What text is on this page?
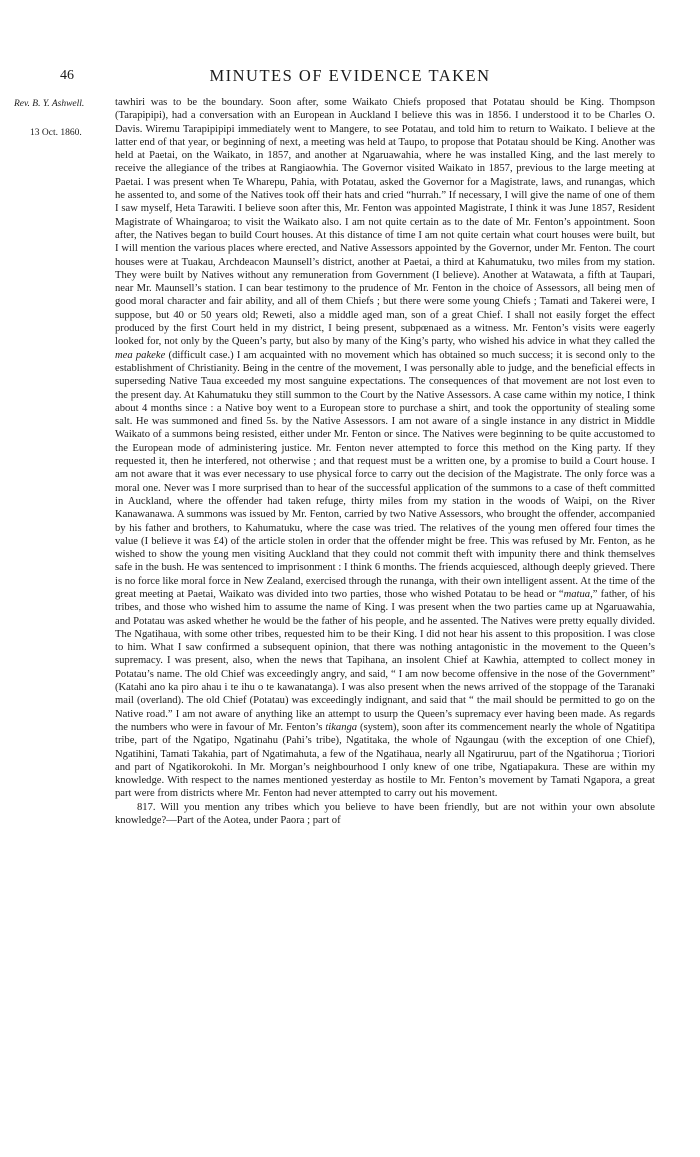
46	MINUTES OF EVIDENCE TAKEN
Rev. B. Y. Ashwell.
13 Oct. 1860.

tawhiri was to be the boundary. Soon after, some Waikato Chiefs proposed that Potatau should be King. Thompson (Tarapipipi), had a conversation with an European in Auckland I believe this was in 1856. I understood it to be Charles O. Davis. Wiremu Tarapipipipi immediately went to Mangere, to see Potatau, and told him to return to Waikato. I believe at the latter end of that year, or beginning of next, a meeting was held at Taupo, to propose that Potatau should be King. Another was held at Paetai, on the Waikato, in 1857, and another at Ngaruawahia, where he was installed King, and the last merely to receive the allegiance of the tribes at Rangiaowhia. The Governor visited Waikato in 1857, previous to the large meeting at Paetai. I was present when Te Wharepu, Pahia, with Potatau, asked the Governor for a Magistrate, laws, and runangas, which he assented to, and some of the Natives took off their hats and cried “hurrah.” If necessary, I will give the name of one of them I saw myself, Heta Tarawiti. I believe soon after this, Mr. Fenton was appointed Magistrate, I think it was June 1857, Resident Magistrate of Whaingaroa; to visit the Waikato also. I am not quite certain as to the date of Mr. Fenton’s appointment. Soon after, the Natives began to build Court houses. At this distance of time I am not quite certain what court houses were built, but I will mention the various places where erected, and Native Assessors appointed by the Governor, under Mr. Fenton. The court houses were at Tuakau, Archdeacon Maunsell’s district, another at Paetai, a third at Kahumatuku, two miles from my station. They were built by Natives without any remuneration from Government (I believe). Another at Watawata, a fifth at Taupari, near Mr. Maunsell’s station. I can bear testimony to the prudence of Mr. Fenton in the choice of Assessors, all being men of good moral character and fair ability, and all of them Chiefs ; but there were some young Chiefs ; Tamati and Takerei were, I suppose, but 40 or 50 years old; Reweti, also a middle aged man, son of a great Chief. I shall not easily forget the effect produced by the first Court held in my district, I being present, subpœnaed as a witness. Mr. Fenton’s visits were eagerly looked for, not only by the Queen’s party, but also by many of the King’s party, who wished his advice in what they called the mea pakeke (difficult case.) I am acquainted with no movement which has obtained so much success; it is second only to the establishment of Christianity. Being in the centre of the movement, I was personally able to judge, and the beneficial effects in superseding Native Taua exceeded my most sanguine expectations. The consequences of that movement are not lost even to the present day. At Kahumatuku they still summon to the Court by the Native Assessors. A case came within my notice, I think about 4 months since : a Native boy went to a European store to purchase a shirt, and took the opportunity of stealing some salt. He was summoned and fined 5s. by the Native Assessors. I am not aware of a single instance in any district in Middle Waikato of a summons being resisted, either under Mr. Fenton or since. The Natives were beginning to be quite accustomed to the European mode of administering justice. Mr. Fenton never attempted to force this method on the King party. If they requested it, then he interfered, not otherwise ; and that request must be a written one, by a promise to build a Court house. I am not aware that it was ever necessary to use physical force to carry out the decision of the Magistrate. The only force was a moral one. Never was I more surprised than to hear of the successful application of the summons to a case of theft committed in Auckland, where the offender had taken refuge, thirty miles from my station in the woods of Waipi, on the River Kanawanawa. A summons was issued by Mr. Fenton, carried by two Native Assessors, who brought the offender, accompanied by his father and brothers, to Kahumatuku, where the case was tried. The relatives of the young men offered four times the value (I believe it was £4) of the article stolen in order that the offender might be free. This was refused by Mr. Fenton, as he wished to show the young men visiting Auckland that they could not commit theft with impunity there and think themselves safe in the bush. He was sentenced to imprisonment : I think 6 months. The friends acquiesced, although deeply grieved. There is no force like moral force in New Zealand, exercised through the runanga, with their own intelligent assent. At the time of the great meeting at Paetai, Waikato was divided into two parties, those who wished Potatau to be head or “matua,” father, of his tribes, and those who wished him to assume the name of King. I was present when the two parties came up at Ngaruawahia, and Potatau was asked whether he would be the father of his people, and he assented. The Natives were pretty equally divided. The Ngatihaua, with some other tribes, requested him to be their King. I did not hear his assent to this proposition. I was close to him. What I saw confirmed a subsequent opinion, that there was nothing antagonistic in the movement to the Queen’s supremacy. I was present, also, when the news that Tapihana, an insolent Chief at Kawhia, attempted to collect money in Potatau’s name. The old Chief was exceedingly angry, and said, “ I am now become offensive in the nose of the Government” (Katahi ano ka piro ahau i te ihu o te kawanatanga). I was also present when the news arrived of the stoppage of the Taranaki mail (overland). The old Chief (Potatau) was exceedingly indignant, and said that “ the mail should be permitted to go on the Native road.” I am not aware of anything like an attempt to usurp the Queen’s supremacy ever having been made. As regards the numbers who were in favour of Mr. Fenton’s tikanga (system), soon after its commencement nearly the whole of Ngatitipa tribe, part of the Ngatipo, Ngatinahu (Pahi’s tribe), Ngatitaka, the whole of Ngaungau (with the exception of one Chief), Ngatihini, Tamati Takahia, part of Ngatimahuta, a few of the Ngatihaua, nearly all Ngatiruruu, part of the Ngatihorua ; Tioriori and part of Ngatikorokohi. In Mr. Morgan’s neighbourhood I only knew of one tribe, Ngatiapakura. These are within my knowledge. With respect to the names mentioned yesterday as hostile to Mr. Fenton’s movement by Tamati Ngapora, a great part were from districts where Mr. Fenton had never attempted to carry out his movement.

817. Will you mention any tribes which you believe to have been friendly, but are not within your own absolute knowledge?—Part of the Aotea, under Paora ; part of
